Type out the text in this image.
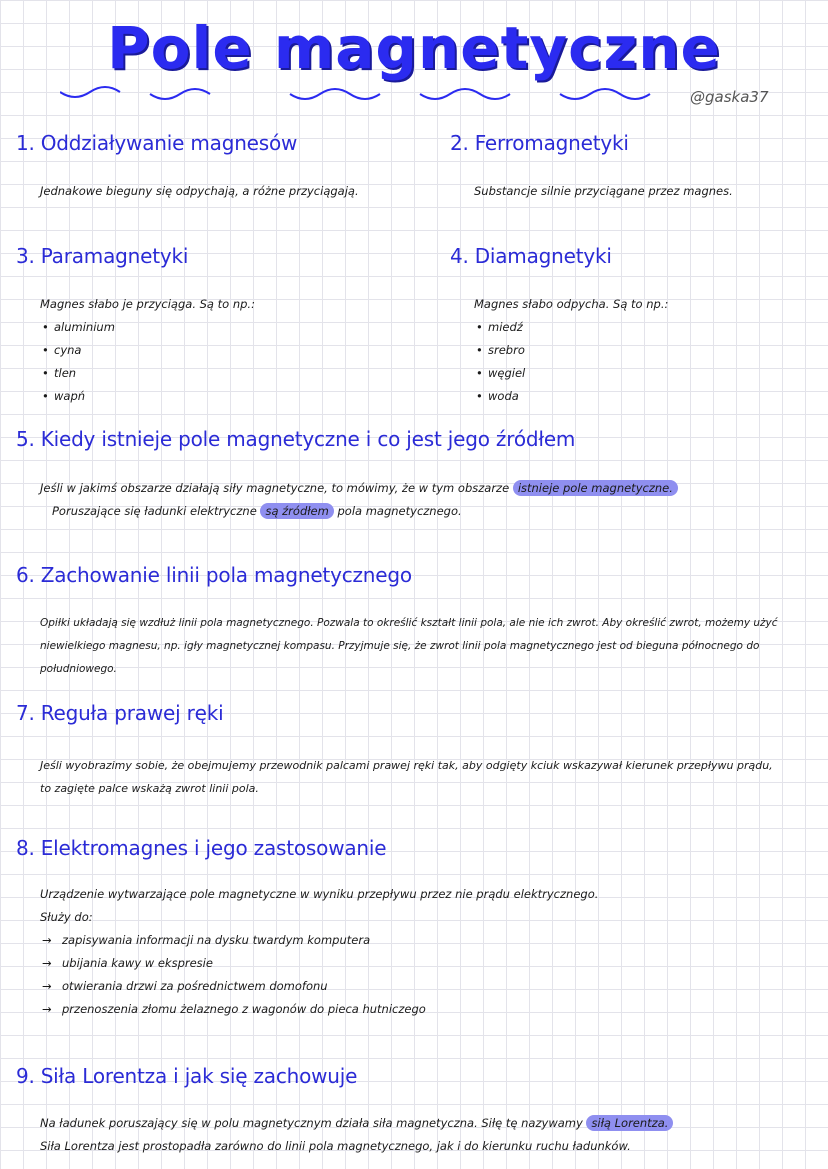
Pole magnetyczne
@gaska37
1. Oddziaływanie magnesów

Jednakowe bieguny się odpychają, a różne przyciągają.

2. Ferromagnetyki

Substancje silnie przyciągane przez magnes.

3. Paramagnetyki
Magnes słabo je przyciąga. Są to np.:
• aluminium
• cyna
• tlen
• wapń
4. Diamagnetyki
Magnes słabo odpycha. Są to np.:
• miedź
• srebro
• węgiel
• woda
5. Kiedy istnieje pole magnetyczne i co jest jego źródłem
Jeśli w jakimś obszarze działają siły magnetyczne, to mówimy, że w tym obszarze istnieje pole magnetyczne.
Poruszające się ładunki elektryczne są źródłem pola magnetycznego.
6. Zachowanie linii pola magnetycznego
Opiłki układają się wzdłuż linii pola magnetycznego. Pozwala to określić kształt linii pola, ale nie ich zwrot. Aby określić zwrot, możemy użyć
niewielkiego magnesu, np. igły magnetycznej kompasu. Przyjmuje się, że zwrot linii pola magnetycznego jest od bieguna północnego do
południowego.
7. Reguła prawej ręki
Jeśli wyobrazimy sobie, że obejmujemy przewodnik palcami prawej ręki tak, aby odgięty kciuk wskazywał kierunek przepływu prądu,
to zagięte palce wskażą zwrot linii pola.
8. Elektromagnes i jego zastosowanie
Urządzenie wytwarzające pole magnetyczne w wyniku przepływu przez nie prądu elektrycznego.
Służy do:
→ zapisywania informacji na dysku twardym komputera
→ ubijania kawy w ekspresie
→ otwierania drzwi za pośrednictwem domofonu
→ przenoszenia złomu żelaznego z wagonów do pieca hutniczego
9. Siła Lorentza i jak się zachowuje
Na ładunek poruszający się w polu magnetycznym działa siła magnetyczna. Siłę tę nazywamy siłą Lorentza.
Siła Lorentza jest prostopadła zarówno do linii pola magnetycznego, jak i do kierunku ruchu ładunków.
